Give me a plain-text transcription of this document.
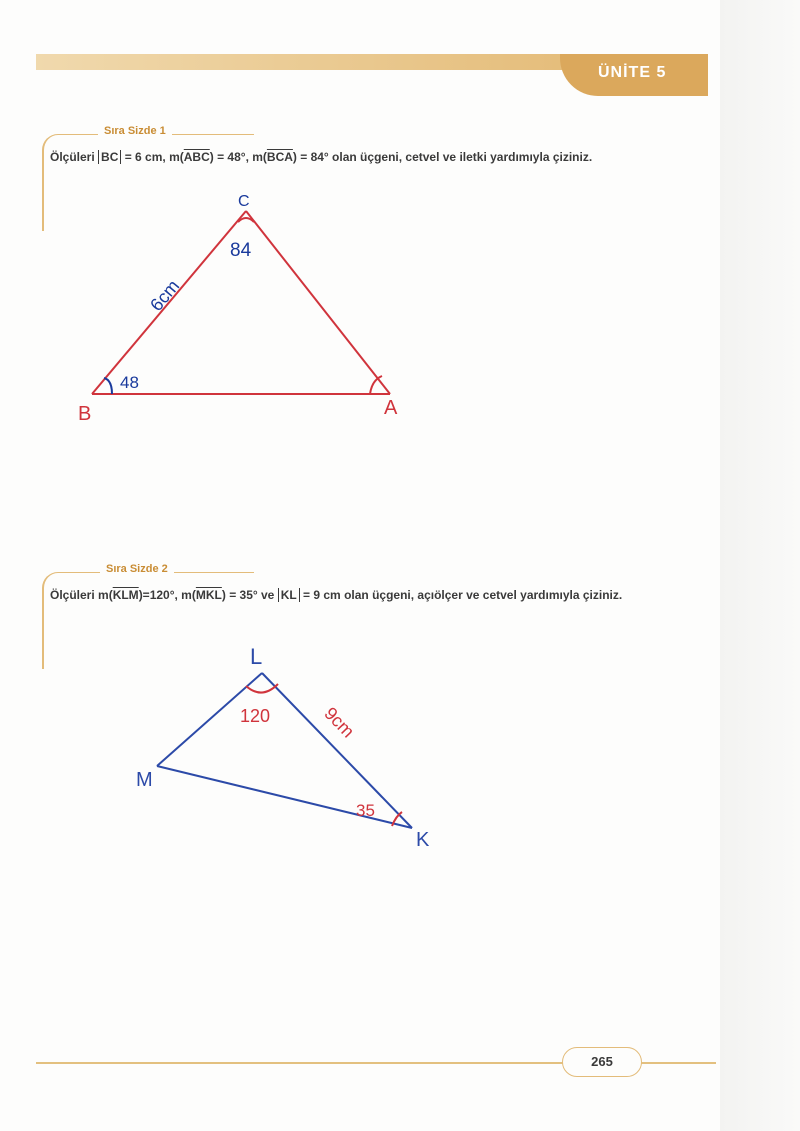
ÜNİTE 5
Sıra Sizde 1
Ölçüleri BC = 6 cm, $m(\overline{ABC}) = 48^\circ$, $m(\overline{BCA}) = 84^\circ$ olan üçgeni, cetvel ve iletki yardımıyla çiziniz.
B	A
C
48
84
6cm
Sıra Sizde 2
Ölçüleri $m(\overline{KLM})=120^\circ$, $m(\overline{MKL}) = 35^\circ$ ve KL = 9 cm olan üçgeni, açıölçer ve cetvel yardımıyla çiziniz.
L
M
K
120
35
9cm
265
